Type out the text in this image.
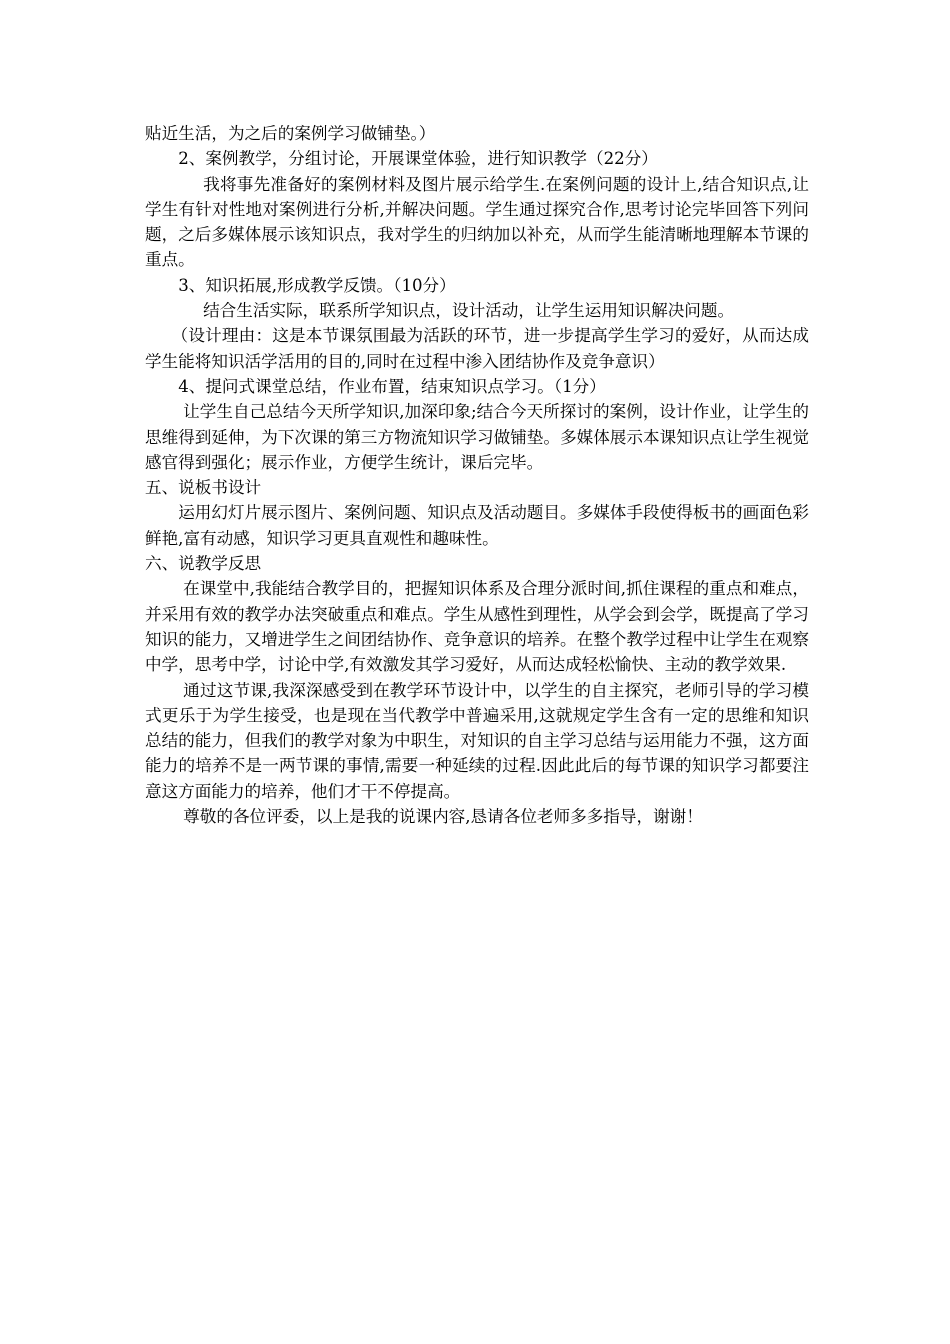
贴近生活，为之后的案例学习做铺垫。）

2、案例教学，分组讨论，开展课堂体验，进行知识教学（22分）

我将事先准备好的案例材料及图片展示给学生.在案例问题的设计上,结合知识点,让学生有针对性地对案例进行分析,并解决问题。学生通过探究合作,思考讨论完毕回答下列问题，之后多媒体展示该知识点，我对学生的归纳加以补充，从而学生能清晰地理解本节课的重点。

3、知识拓展,形成教学反馈。（10分）

结合生活实际，联系所学知识点，设计活动，让学生运用知识解决问题。

（设计理由：这是本节课氛围最为活跃的环节，进一步提高学生学习的爱好，从而达成学生能将知识活学活用的目的,同时在过程中渗入团结协作及竞争意识）

4、提问式课堂总结，作业布置，结束知识点学习。（1分）

让学生自己总结今天所学知识,加深印象;结合今天所探讨的案例，设计作业，让学生的思维得到延伸，为下次课的第三方物流知识学习做铺垫。多媒体展示本课知识点让学生视觉感官得到强化；展示作业，方便学生统计，课后完毕。

五、说板书设计

运用幻灯片展示图片、案例问题、知识点及活动题目。多媒体手段使得板书的画面色彩鲜艳,富有动感，知识学习更具直观性和趣味性。

六、说教学反思

在课堂中,我能结合教学目的，把握知识体系及合理分派时间,抓住课程的重点和难点，并采用有效的教学办法突破重点和难点。学生从感性到理性，从学会到会学，既提高了学习知识的能力，又增进学生之间团结协作、竞争意识的培养。在整个教学过程中让学生在观察中学，思考中学，讨论中学,有效激发其学习爱好，从而达成轻松愉快、主动的教学效果.

通过这节课,我深深感受到在教学环节设计中，以学生的自主探究，老师引导的学习模式更乐于为学生接受，也是现在当代教学中普遍采用,这就规定学生含有一定的思维和知识总结的能力，但我们的教学对象为中职生，对知识的自主学习总结与运用能力不强，这方面能力的培养不是一两节课的事情,需要一种延续的过程.因此此后的每节课的知识学习都要注意这方面能力的培养，他们才干不停提高。

尊敬的各位评委，以上是我的说课内容,恳请各位老师多多指导，谢谢！
